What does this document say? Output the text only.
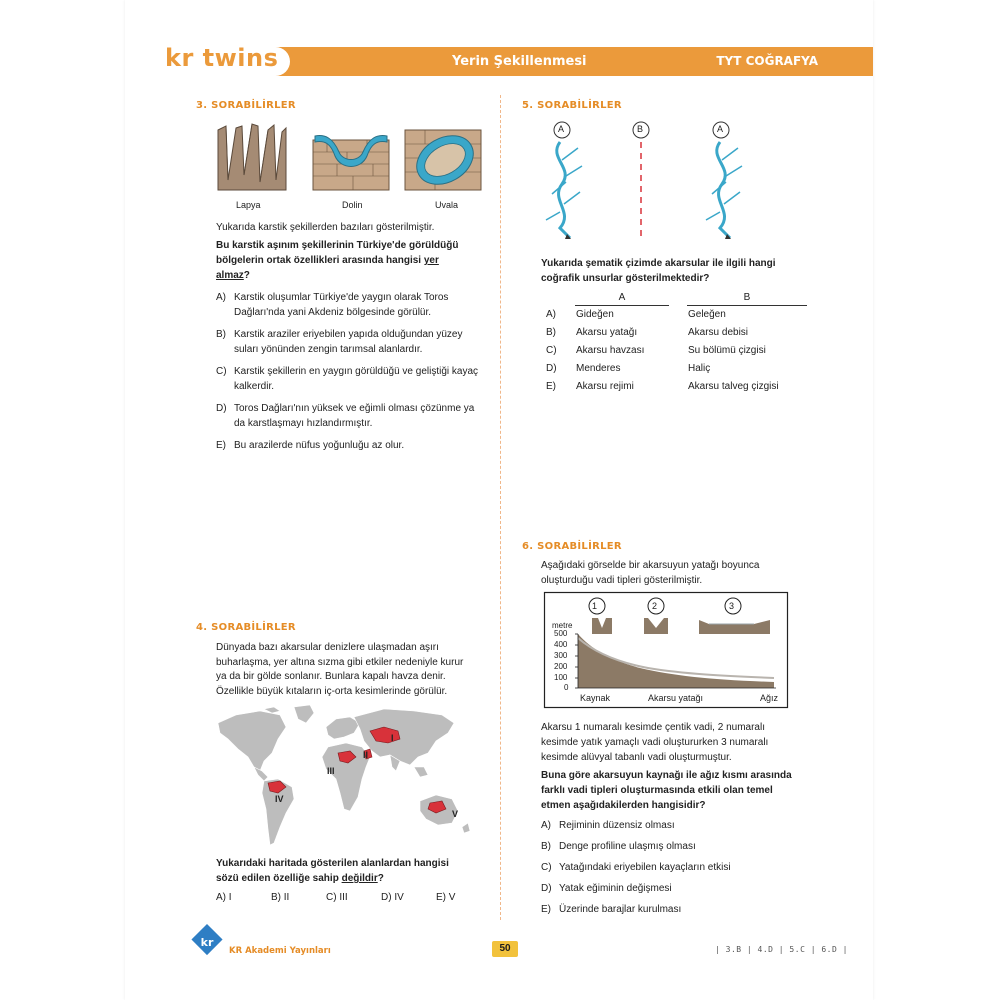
kr twins	Yerin Şekillenmesi	TYT COĞRAFYA
3. SORABİLİRLER
Lapya	Dolin	Uvala
Yukarıda karstik şekillerden bazıları gösterilmiştir.
Bu karstik aşınım şekillerinin Türkiye'de görüldüğü
bölgelerin ortak özellikleri arasında hangisi yer
almaz?
A) Karstik oluşumlar Türkiye'de yaygın olarak Toros
Dağları'nda yani Akdeniz bölgesinde görülür.
B) Karstik araziler eriyebilen yapıda olduğundan yüzey
suları yönünden zengin tarımsal alanlardır.
C) Karstik şekillerin en yaygın görüldüğü ve geliştiği kayaç
kalkerdir.
D) Toros Dağları'nın yüksek ve eğimli olması çözünme ya
da karstlaşmayı hızlandırmıştır.
E) Bu arazilerde nüfus yoğunluğu az olur.
4. SORABİLİRLER
Dünyada bazı akarsular denizlere ulaşmadan aşırı
buharlaşma, yer altına sızma gibi etkiler nedeniyle kurur
ya da bir gölde sonlanır. Bunlara kapalı havza denir.
Özellikle büyük kıtaların iç-orta kesimlerinde görülür.
I
II
III
IV
V
Yukarıdaki haritada gösterilen alanlardan hangisi
sözü edilen özelliğe sahip değildir?
A) I	B) II	C) III	D) IV	E) V
5. SORABİLİRLER
A	B	A
Yukarıda şematik çizimde akarsular ile ilgili hangi
coğrafik unsurlar gösterilmektedir?
	A		B
A)	Gideğen		Geleğen
B)	Akarsu yatağı		Akarsu debisi
C)	Akarsu havzası		Su bölümü çizgisi
D)	Menderes		Haliç
E)	Akarsu rejimi		Akarsu talveg çizgisi
6. SORABİLİRLER
Aşağıdaki görselde bir akarsuyun yatağı boyunca
oluşturduğu vadi tipleri gösterilmiştir.
1	2	3
metre
500
400
300
200
100
0
Kaynak	Akarsu yatağı	Ağız
Akarsu 1 numaralı kesimde çentik vadi, 2 numaralı
kesimde yatık yamaçlı vadi oluştururken 3 numaralı
kesimde alüvyal tabanlı vadi oluşturmuştur.
Buna göre akarsuyun kaynağı ile ağız kısmı arasında
farklı vadi tipleri oluşturmasında etkili olan temel
etmen aşağıdakilerden hangisidir?
A) Rejiminin düzensiz olması
B) Denge profiline ulaşmış olması
C) Yatağındaki eriyebilen kayaçların etkisi
D) Yatak eğiminin değişmesi
E) Üzerinde barajlar kurulması
kr
KR Akademi Yayınları	50	| 3.B | 4.D | 5.C | 6.D |
